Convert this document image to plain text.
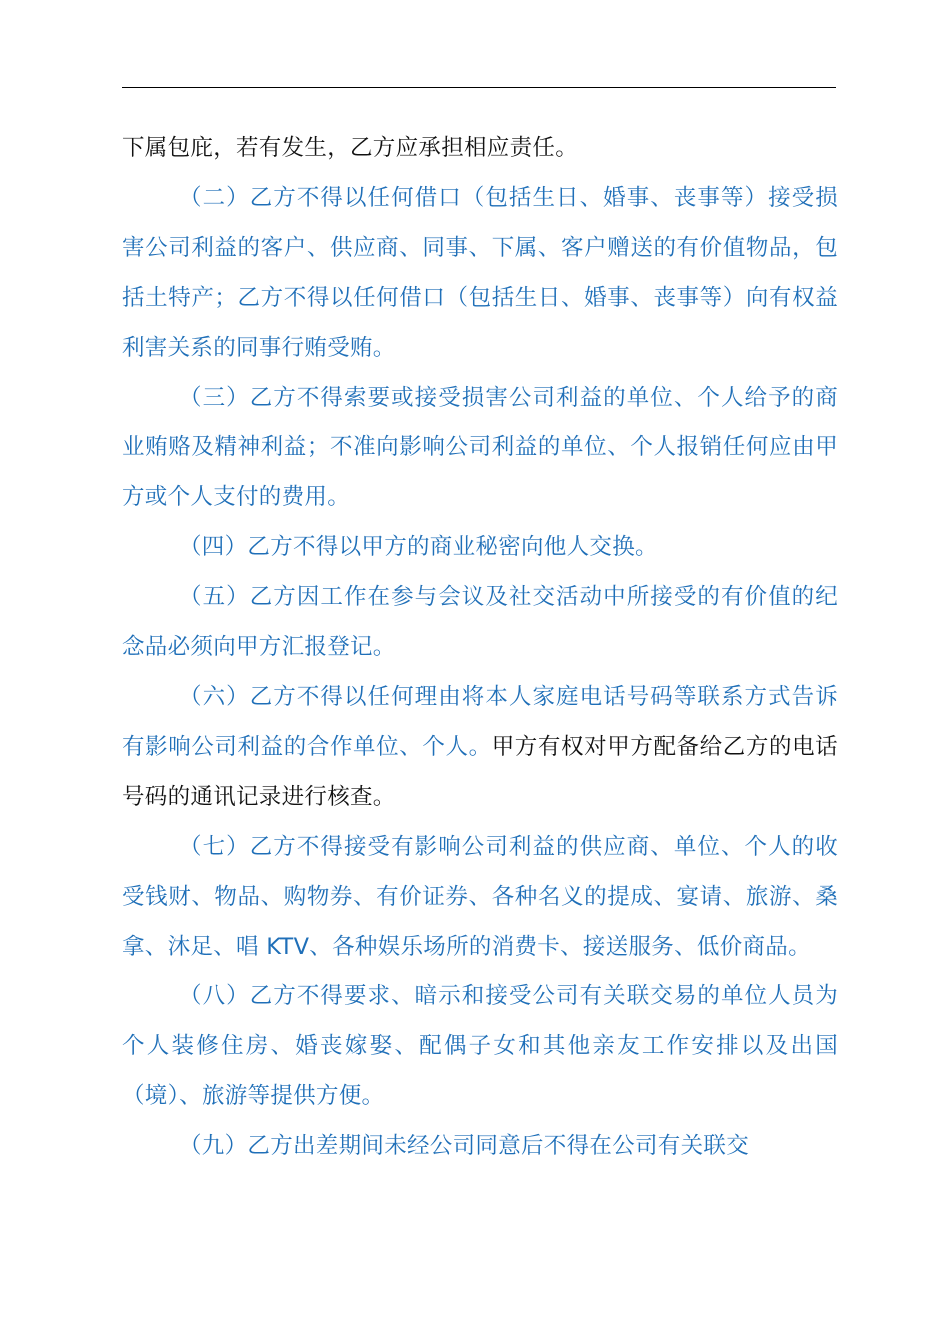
下属包庇，若有发生，乙方应承担相应责任。

（二）乙方不得以任何借口（包括生日、婚事、丧事等）接受损害公司利益的客户、供应商、同事、下属、客户赠送的有价值物品，包括土特产；乙方不得以任何借口（包括生日、婚事、丧事等）向有权益利害关系的同事行贿受贿。

（三）乙方不得索要或接受损害公司利益的单位、个人给予的商业贿赂及精神利益；不准向影响公司利益的单位、个人报销任何应由甲方或个人支付的费用。

（四）乙方不得以甲方的商业秘密向他人交换。

（五）乙方因工作在参与会议及社交活动中所接受的有价值的纪念品必须向甲方汇报登记。

（六）乙方不得以任何理由将本人家庭电话号码等联系方式告诉有影响公司利益的合作单位、个人。甲方有权对甲方配备给乙方的电话号码的通讯记录进行核查。

（七）乙方不得接受有影响公司利益的供应商、单位、个人的收受钱财、物品、购物券、有价证券、各种名义的提成、宴请、旅游、桑拿、沐足、唱 KTV、各种娱乐场所的消费卡、接送服务、低价商品。

（八）乙方不得要求、暗示和接受公司有关联交易的单位人员为个人装修住房、婚丧嫁娶、配偶子女和其他亲友工作安排以及出国（境）、旅游等提供方便。

（九）乙方出差期间未经公司同意后不得在公司有关联交
